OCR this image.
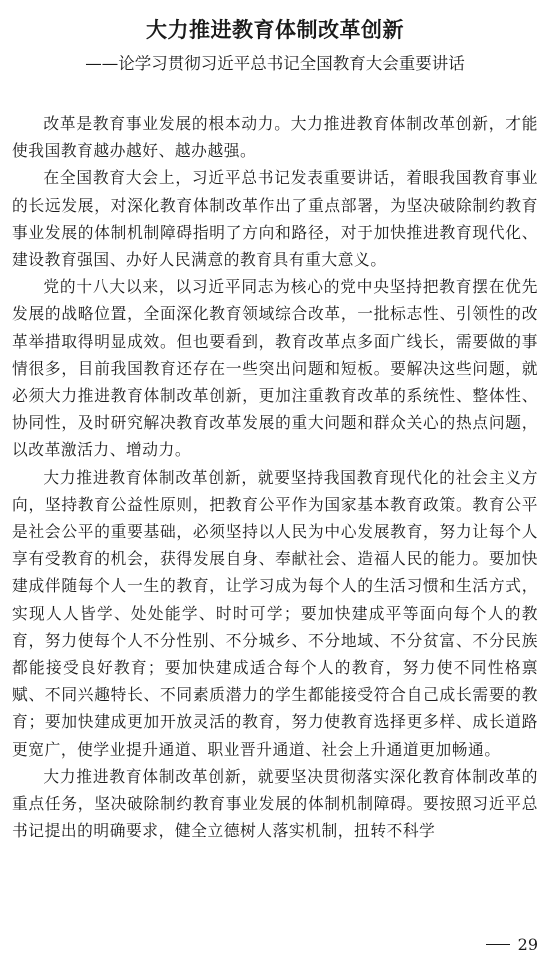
大力推进教育体制改革创新
——论学习贯彻习近平总书记全国教育大会重要讲话

改革是教育事业发展的根本动力。大力推进教育体制改革创新，才能使我国教育越办越好、越办越强。

在全国教育大会上，习近平总书记发表重要讲话，着眼我国教育事业的长远发展，对深化教育体制改革作出了重点部署，为坚决破除制约教育事业发展的体制机制障碍指明了方向和路径，对于加快推进教育现代化、建设教育强国、办好人民满意的教育具有重大意义。

党的十八大以来，以习近平同志为核心的党中央坚持把教育摆在优先发展的战略位置，全面深化教育领域综合改革，一批标志性、引领性的改革举措取得明显成效。但也要看到，教育改革点多面广线长，需要做的事情很多，目前我国教育还存在一些突出问题和短板。要解决这些问题，就必须大力推进教育体制改革创新，更加注重教育改革的系统性、整体性、协同性，及时研究解决教育改革发展的重大问题和群众关心的热点问题，以改革激活力、增动力。

大力推进教育体制改革创新，就要坚持我国教育现代化的社会主义方向，坚持教育公益性原则，把教育公平作为国家基本教育政策。教育公平是社会公平的重要基础，必须坚持以人民为中心发展教育，努力让每个人享有受教育的机会，获得发展自身、奉献社会、造福人民的能力。要加快建成伴随每个人一生的教育，让学习成为每个人的生活习惯和生活方式，实现人人皆学、处处能学、时时可学；要加快建成平等面向每个人的教育，努力使每个人不分性别、不分城乡、不分地域、不分贫富、不分民族都能接受良好教育；要加快建成适合每个人的教育，努力使不同性格禀赋、不同兴趣特长、不同素质潜力的学生都能接受符合自己成长需要的教育；要加快建成更加开放灵活的教育，努力使教育选择更多样、成长道路更宽广，使学业提升通道、职业晋升通道、社会上升通道更加畅通。

大力推进教育体制改革创新，就要坚决贯彻落实深化教育体制改革的重点任务，坚决破除制约教育事业发展的体制机制障碍。要按照习近平总书记提出的明确要求，健全立德树人落实机制，扭转不科学

29
